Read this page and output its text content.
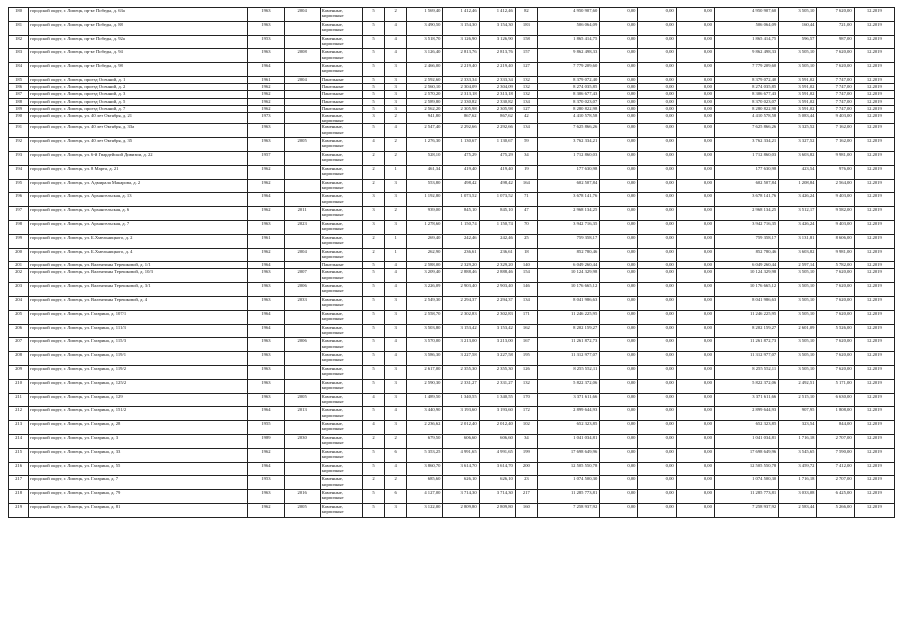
180	городской округ, г. Липецк, пр-кт Победы, д. 63а	1963	2004	Каменные, кирпичные	5	2	1 569,40	1 412,46	1 412,46	82	4 950 907,60	0,00	0,00	0,00	4 950 907,60	3 505,10	7 620,00	12.2019
181	городской округ, г. Липецк, пр-кт Победы, д. 88	1963		Каменные, кирпичные	5	4	3 490,50	3 154,30	3 154,30	183	506 064,09	0,00	0,00	0,00	506 064,09	160,44	721,00	12.2019
182	городской округ, г. Липецк, пр-кт Победы, д. 92а	1953		Каменные, кирпичные	5	4	3 518,70	3 126,90	3 126,90	158	1 865 414,75	0,00	0,00	0,00	1 865 414,75	596,57	987,00	12.2019
183	городской округ, г. Липецк, пр-кт Победы, д. 94	1963	2008	Каменные, кирпичные	5	4	3 126,40	2 813,76	2 813,76	157	9 862 498,33	0,00	0,00	0,00	9 862 498,33	3 505,10	7 620,00	12.2019
184	городской округ, г. Липецк, пр-кт Победы, д. 98	1964		Каменные, кирпичные	5	3	2 466,00	2 219,40	2 219,40	127	7 779 209,60	0,00	0,00	0,00	7 779 209,60	3 505,10	7 620,00	12.2019
185	городской округ, г. Липецк, проезд Осенний, д. 1	1961	2004	Панельные	5	3	2 592,60	2 333,34	2 333,34	132	8 379 072,40	0,00	0,00	0,00	8 379 072,40	3 591,02	7 747,00	12.2019
186	городской округ, г. Липецк, проезд Осенний, д. 2	1962		Панельные	5	3	2 560,10	2 304,09	2 304,09	132	8 274 035,85	0,00	0,00	0,00	8 274 035,85	3 591,02	7 747,00	12.2019
187	городской округ, г. Липецк, проезд Осенний, д. 3	1962		Панельные	5	3	2 570,20	2 313,18	2 313,18	132	8 306 677,43	0,00	0,00	0,00	8 306 677,43	3 591,02	7 747,00	12.2019
188	городской округ, г. Липецк, проезд Осенний, д. 5	1962		Панельные	5	3	2 589,80	2 330,82	2 330,82	134	8 370 023,07	0,00	0,00	0,00	8 370 023,07	3 591,02	7 747,00	12.2019
189	городской округ, г. Липецк, проезд Осенний, д. 7	1962		Панельные	5	3	2 562,20	2 305,98	2 305,98	127	8 280 822,98	0,00	0,00	0,00	8 280 822,98	3 591,02	7 747,00	12.2019
190	городской округ, г. Липецк, ул. 40 лет Октября, д. 21	1973		Каменные, кирпичные	3	2	941,80	867,62	867,62	42	4 410 578,58	0,00	0,00	0,00	4 410 578,58	5 083,44	9 403,00	12.2019
191	городской округ, г. Липецк, ул. 40 лет Октября, д. 33а	1963		Каменные, кирпичные	5	4	2 547,40	2 292,66	2 292,66	134	7 625 866,26	0,00	0,00	0,00	7 625 866,26	3 325,52	7 162,00	12.2019
192	городской округ, г. Липецк, ул. 40 лет Октября, д. 35	1963	2005	Каменные, кирпичные	4	2	1 276,30	1 130,67	1 130,67	59	3 762 334,21	0,00	0,00	0,00	3 762 334,21	3 327,52	7 162,00	12.2019
193	городской округ, г. Липецк, ул. 6-й Гвардейской Дивизии, д. 22	1957		Каменные, кирпичные	2	2	528,10	475,29	475,29	34	1 712 860,03	0,00	0,00	0,00	1 712 860,03	3 603,82	9 981,00	12.2019
194	городской округ, г. Липецк, ул. 8 Марта, д. 21	1962		Каменные, кирпичные	2	1	461,34	419,40	419,40	19	177 630,98	0,00	0,00	0,00	177 630,98	423,54	976,00	12.2019
195	городской округ, г. Липецк, ул. Адмирала Макарова, д. 2	1962		Каменные, кирпичные	2	3	553,80	498,42	498,42	164	602 507,84	0,00	0,00	0,00	602 507,84	1 208,84	2 564,00	12.2019
196	городской округ, г. Липецк, ул. Архангельская, д. 13	1964		Каменные, кирпичные	3	3	1 192,80	1 073,52	1 073,52	71	3 678 141,76	0,00	0,00	0,00	3 678 141,76	3 426,24	9 403,00	12.2019
197	городской округ, г. Липецк, ул. Архангельская, д. 6	1962	2011	Каменные, кирпичные	3	2	939,00	845,10	845,10	47	2 968 134,25	0,00	0,00	0,00	2 968 134,25	3 512,17	9 582,00	12.2019
198	городской округ, г. Липецк, ул. Архангельская, д. 7	1963	2023	Каменные, кирпичные	3	3	1 278,60	1 150,74	1 150,74	70	3 942 716,35	0,00	0,00	0,00	3 942 716,35	3 426,24	9 403,00	12.2019
199	городской округ, г. Липецк, ул. Б.Хмельницкого, д. 2	1961		Каменные, кирпичные	2	1	269,40	242,46	242,46	25	759 358,17	0,00	0,00	0,00	759 358,17	3 131,81	8 606,00	12.2019
200	городской округ, г. Липецк, ул. Б.Хмельницкого, д. 4	1962	2004	Каменные, кирпичные	2	1	262,90	236,61	236,61	18	852 780,46	0,00	0,00	0,00	852 780,46	3 603,82	9 981,00	12.2019
201	городской округ, г. Липецк, ул. Валентины Терешковой, д. 1/1	1964		Панельные	5	4	2 588,00	2 329,20	2 329,20	140	6 049 260,44	0,00	0,00	0,00	6 049 260,44	2 597,14	5 782,00	12.2019
202	городской округ, г. Липецк, ул. Валентины Терешковой, д. 10/3	1963	2007	Каменные, кирпичные	5	4	3 209,40	2 888,46	2 888,46	154	10 124 329,98	0,00	0,00	0,00	10 124 329,98	3 505,10	7 620,00	12.2019
203	городской округ, г. Липецк, ул. Валентины Терешковой, д. 3/1	1963	2006	Каменные, кирпичные	5	4	3 226,09	2 903,40	2 903,40	146	10 176 665,12	0,00	0,00	0,00	10 176 665,12	3 505,10	7 620,00	12.2019
204	городской округ, г. Липецк, ул. Валентины Терешковой, д. 4	1963	2033	Каменные, кирпичные	5	3	2 549,30	2 294,37	2 294,37	134	8 041 986,63	0,00	0,00	0,00	8 041 986,63	3 505,10	7 620,00	12.2019
205	городской округ, г. Липецк, ул. Гагарина, д. 107/1	1964		Каменные, кирпичные	5	3	2 558,70	2 302,83	2 302,83	171	11 246 225,95	0,00	0,00	0,00	11 246 225,95	3 505,10	7 620,00	12.2019
206	городской округ, г. Липецк, ул. Гагарина, д. 111/3	1964		Каменные, кирпичные	5	3	3 503,80	3 153,42	3 153,42	162	8 202 159,27	0,00	0,00	0,00	8 202 159,27	2 601,09	5 526,00	12.2019
207	городской округ, г. Липецк, ул. Гагарина, д. 115/3	1963	2006	Каменные, кирпичные	5	4	3 570,00	3 213,00	3 213,00	167	11 261 872,73	0,00	0,00	0,00	11 261 872,73	3 505,10	7 620,00	12.2019
208	городской округ, г. Липецк, ул. Гагарина, д. 119/1	1963		Каменные, кирпичные	5	4	3 586,30	3 227,58	3 227,58	195	11 312 977,07	0,00	0,00	0,00	11 312 977,07	3 505,10	7 620,00	12.2019
209	городской округ, г. Липецк, ул. Гагарина, д. 119/2	1963		Каменные, кирпичные	5	3	2 617,00	2 355,30	2 355,30	126	8 255 552,11	0,00	0,00	0,00	8 255 552,11	3 505,10	7 620,00	12.2019
210	городской округ, г. Липецк, ул. Гагарина, д. 125/2	1963		Каменные, кирпичные	5	3	2 590,30	2 331,27	2 331,27	132	5 822 372,06	0,00	0,00	0,00	5 822 372,06	2 492,51	5 171,00	12.2019
211	городской округ, г. Липецк, ул. Гагарина, д. 129	1963	2005	Каменные, кирпичные	4	3	1 489,50	1 340,55	1 340,55	170	3 371 611,66	0,00	0,00	0,00	3 371 611,66	2 515,10	6 630,00	12.2019
212	городской округ, г. Липецк, ул. Гагарина, д. 151/2	1964	2013	Каменные, кирпичные	5	4	3 440,90	3 193,60	3 193,60	172	2 899 644,93	0,00	0,00	0,00	2 899 644,93	907,95	1 808,00	12.2019
213	городской округ, г. Липецк, ул. Гагарина, д. 28	1955		Каменные, кирпичные	4	3	2 236,62	2 012,40	2 012,40	102	652 323,85	0,00	0,00	0,00	652 323,85	323,54	844,00	12.2019
214	городской округ, г. Липецк, ул. Гагарина, д. 3	1989	2030	Каменные, кирпичные	2	2	679,50	606,60	606,60	34	1 041 034,81	0,00	0,00	0,00	1 041 034,81	1 716,18	2 707,00	12.2019
215	городской округ, г. Липецк, ул. Гагарина, д. 33	1962		Каменные, кирпичные	5	6	5 353,25	4 991,65	4 991,65	199	17 698 649,96	0,00	0,00	0,00	17 698 649,96	3 545,65	7 590,00	12.2019
216	городской округ, г. Липецк, ул. Гагарина, д. 55	1964		Каменные, кирпичные	5	4	3 860,70	3 614,70	3 614,70	200	12 505 550,78	0,00	0,00	0,00	12 505 550,78	3 459,72	7 412,00	12.2019
217	городской округ, г. Липецк, ул. Гагарина, д. 7	1953		Каменные, кирпичные	2	2	685,60	626,10	626,10	23	1 074 500,30	0,00	0,00	0,00	1 074 500,30	1 716,18	2 707,00	12.2019
218	городской округ, г. Липецк, ул. Гагарина, д. 79	1963	2016	Каменные, кирпичные	5	6	4 127,00	3 714,30	3 714,30	217	11 285 773,81	0,00	0,00	0,00	11 285 773,81	3 033,08	6 425,00	12.2019
219	городской округ, г. Липецк, ул. Гагарина, д. 81	1962	2005	Каменные, кирпичные	5	3	3 122,00	2 809,80	2 809,80	160	7 258 937,92	0,00	0,00	0,00	7 258 937,92	2 583,44	5 266,00	12.2019
